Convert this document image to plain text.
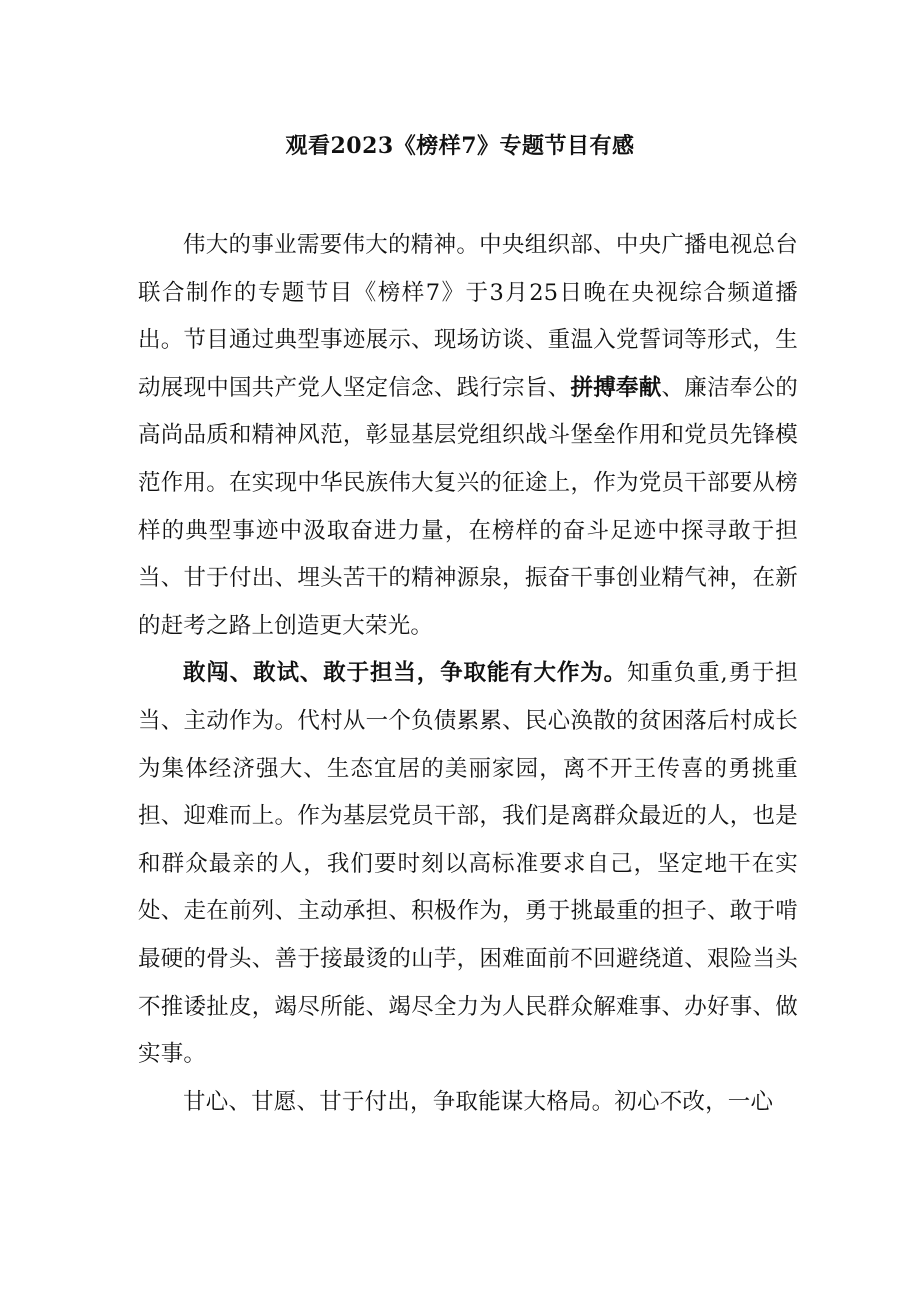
观看2023《榜样7》专题节目有感

伟大的事业需要伟大的精神。中央组织部、中央广播电视总台联合制作的专题节目《榜样7》于3月25日晚在央视综合频道播出。节目通过典型事迹展示、现场访谈、重温入党誓词等形式，生动展现中国共产党人坚定信念、践行宗旨、拼搏奉献、廉洁奉公的高尚品质和精神风范，彰显基层党组织战斗堡垒作用和党员先锋模范作用。在实现中华民族伟大复兴的征途上，作为党员干部要从榜样的典型事迹中汲取奋进力量，在榜样的奋斗足迹中探寻敢于担当、甘于付出、埋头苦干的精神源泉，振奋干事创业精气神，在新的赶考之路上创造更大荣光。

敢闯、敢试、敢于担当，争取能有大作为。知重负重,勇于担当、主动作为。代村从一个负债累累、民心涣散的贫困落后村成长为集体经济强大、生态宜居的美丽家园，离不开王传喜的勇挑重担、迎难而上。作为基层党员干部，我们是离群众最近的人，也是和群众最亲的人，我们要时刻以高标准要求自己，坚定地干在实处、走在前列、主动承担、积极作为，勇于挑最重的担子、敢于啃最硬的骨头、善于接最烫的山芋，困难面前不回避绕道、艰险当头不推诿扯皮，竭尽所能、竭尽全力为人民群众解难事、办好事、做实事。

甘心、甘愿、甘于付出，争取能谋大格局。初心不改，一心
